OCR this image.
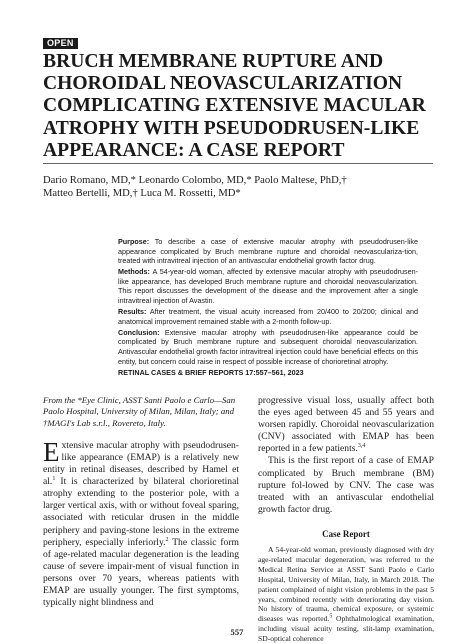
OPEN
BRUCH MEMBRANE RUPTURE AND
CHOROIDAL NEOVASCULARIZATION
COMPLICATING EXTENSIVE MACULAR
ATROPHY WITH PSEUDODRUSEN-LIKE
APPEARANCE: A CASE REPORT
Dario Romano, MD,* Leonardo Colombo, MD,* Paolo Maltese, PhD,†
Matteo Bertelli, MD,† Luca M. Rossetti, MD*

Purpose: To describe a case of extensive macular atrophy with pseudodrusen-like appearance complicated by Bruch membrane rupture and choroidal neovasculariza-tion, treated with intravitreal injection of an antivascular endothelial growth factor drug.

Methods: A 54-year-old woman, affected by extensive macular atrophy with pseudodrusen-like appearance, has developed Bruch membrane rupture and choroidal neovascularization. This report discusses the development of the disease and the improvement after a single intravitreal injection of Avastin.

Results: After treatment, the visual acuity increased from 20/400 to 20/200; clinical and anatomical improvement remained stable with a 2-month follow-up.

Conclusion: Extensive macular atrophy with pseudodrusen-like appearance could be complicated by Bruch membrane rupture and subsequent choroidal neovascularization. Antivascular endothelial growth factor intravitreal injection could have beneficial effects on this entity, but concern could raise in respect of possible increase of chorioretinal atrophy.

RETINAL CASES & BRIEF REPORTS 17:557–561, 2023

From the *Eye Clinic, ASST Santi Paolo e Carlo—San Paolo Hospital, University of Milan, Milan, Italy; and †MAGI's Lab s.r.l., Rovereto, Italy.

Extensive macular atrophy with pseudodrusen-like appearance (EMAP) is a relatively new entity in retinal diseases, described by Hamel et al.$^1$ It is characterized by bilateral chorioretinal atrophy extending to the posterior pole, with a larger vertical axis, with or without foveal sparing, associated with reticular drusen in the middle periphery and paving-stone lesions in the extreme periphery, especially inferiorly.$^2$ The classic form of age-related macular degeneration is the leading cause of severe impair-ment of visual function in persons over 70 years, whereas patients with EMAP are usually younger. The first symptoms, typically night blindness and

progressive visual loss, usually affect both the eyes aged between 45 and 55 years and worsen rapidly. Choroidal neovascularization (CNV) associated with EMAP has been reported in a few patients.$^{3,4}$

This is the first report of a case of EMAP complicated by Bruch membrane (BM) rupture fol-lowed by CNV. The case was treated with an antivascular endothelial growth factor drug.

Case Report

A 54-year-old woman, previously diagnosed with dry age-related macular degeneration, was referred to the Medical Retina Service at ASST Santi Paolo e Carlo Hospital, University of Milan, Italy, in March 2018. The patient complained of night vision problems in the past 5 years, combined recently with deteriorating day vision. No history of trauma, chemical exposure, or systemic diseases was reported.$^5$ Ophthalmological examination, including visual acuity testing, slit-lamp examination, SD-optical coherence

557
